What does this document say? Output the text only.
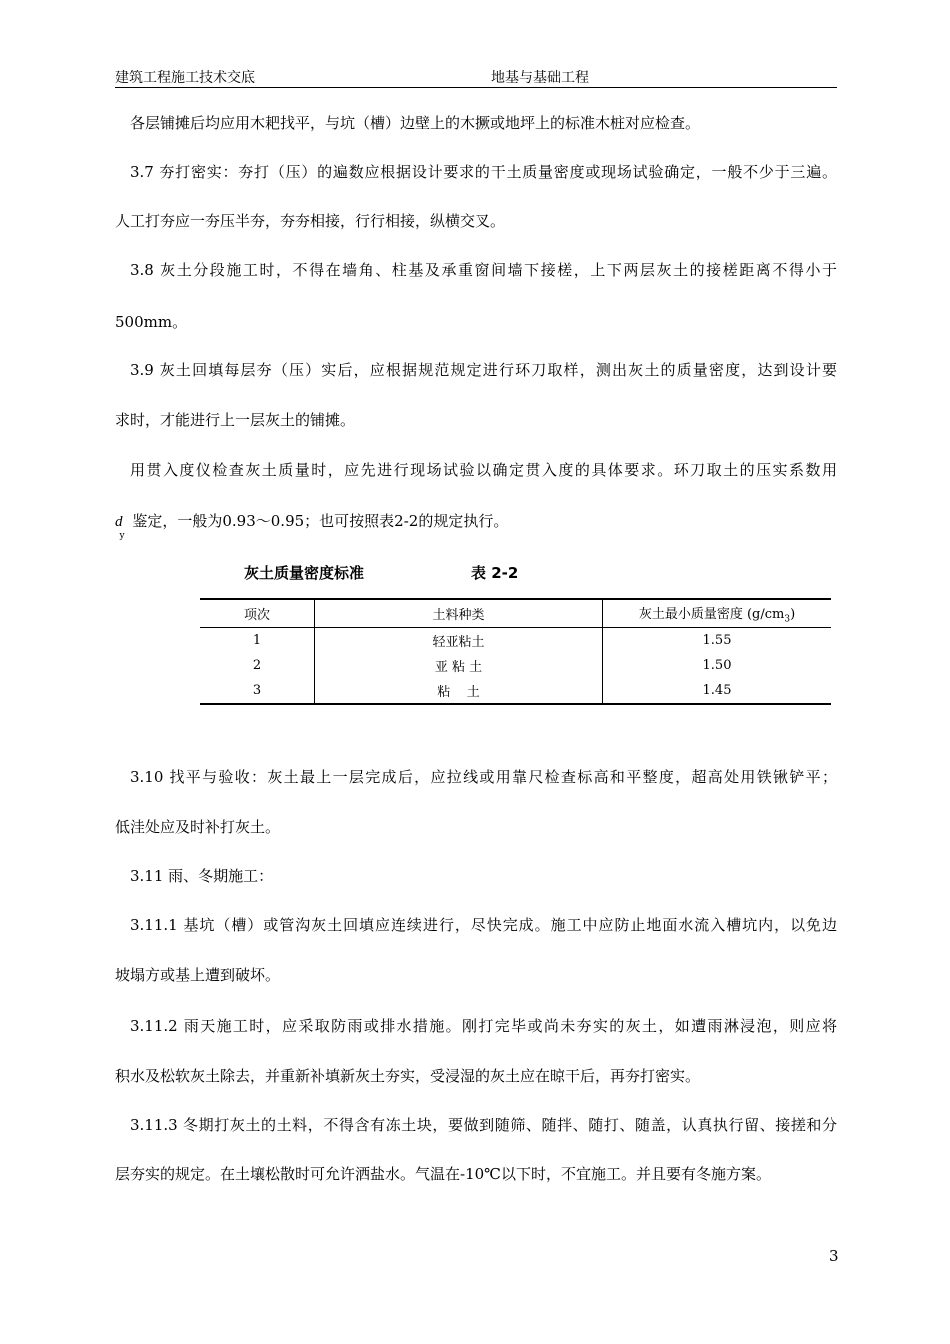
建筑工程施工技术交底	地基与基础工程
各层铺摊后均应用木耙找平，与坑（槽）边壁上的木撅或地坪上的标准木桩对应检查。
3.7 夯打密实：夯打（压）的遍数应根据设计要求的干土质量密度或现场试验确定，一般不少于三遍。
人工打夯应一夯压半夯，夯夯相接，行行相接，纵横交叉。
3.8 灰土分段施工时，不得在墙角、柱基及承重窗间墙下接槎，上下两层灰土的接槎距离不得小于
500mm。
3.9 灰土回填每层夯（压）实后，应根据规范规定进行环刀取样，测出灰土的质量密度，达到设计要
求时，才能进行上一层灰土的铺摊。
用贯入度仪检查灰土质量时，应先进行现场试验以确定贯入度的具体要求。环刀取土的压实系数用
$d_y$ 鉴定，一般为0.93～0.95；也可按照表2-2的规定执行。
灰土质量密度标准	表 2-2
项次	土料种类	灰土最小质量密度 $(g/cm_3)$
1	轻亚粘土	1.55
2	亚 粘 土	1.50
3	粘    土	1.45
3.10 找平与验收：灰土最上一层完成后，应拉线或用靠尺检查标高和平整度，超高处用铁锹铲平；
低洼处应及时补打灰土。
3.11 雨、冬期施工：
3.11.1 基坑（槽）或管沟灰土回填应连续进行，尽快完成。施工中应防止地面水流入槽坑内，以免边
坡塌方或基上遭到破坏。
3.11.2 雨天施工时，应采取防雨或排水措施。刚打完毕或尚未夯实的灰土，如遭雨淋浸泡，则应将
积水及松软灰土除去，并重新补填新灰土夯实，受浸湿的灰土应在晾干后，再夯打密实。
3.11.3 冬期打灰土的土料，不得含有冻土块，要做到随筛、随拌、随打、随盖，认真执行留、接搓和分
层夯实的规定。在土壤松散时可允许洒盐水。气温在-10℃以下时，不宜施工。并且要有冬施方案。
3
